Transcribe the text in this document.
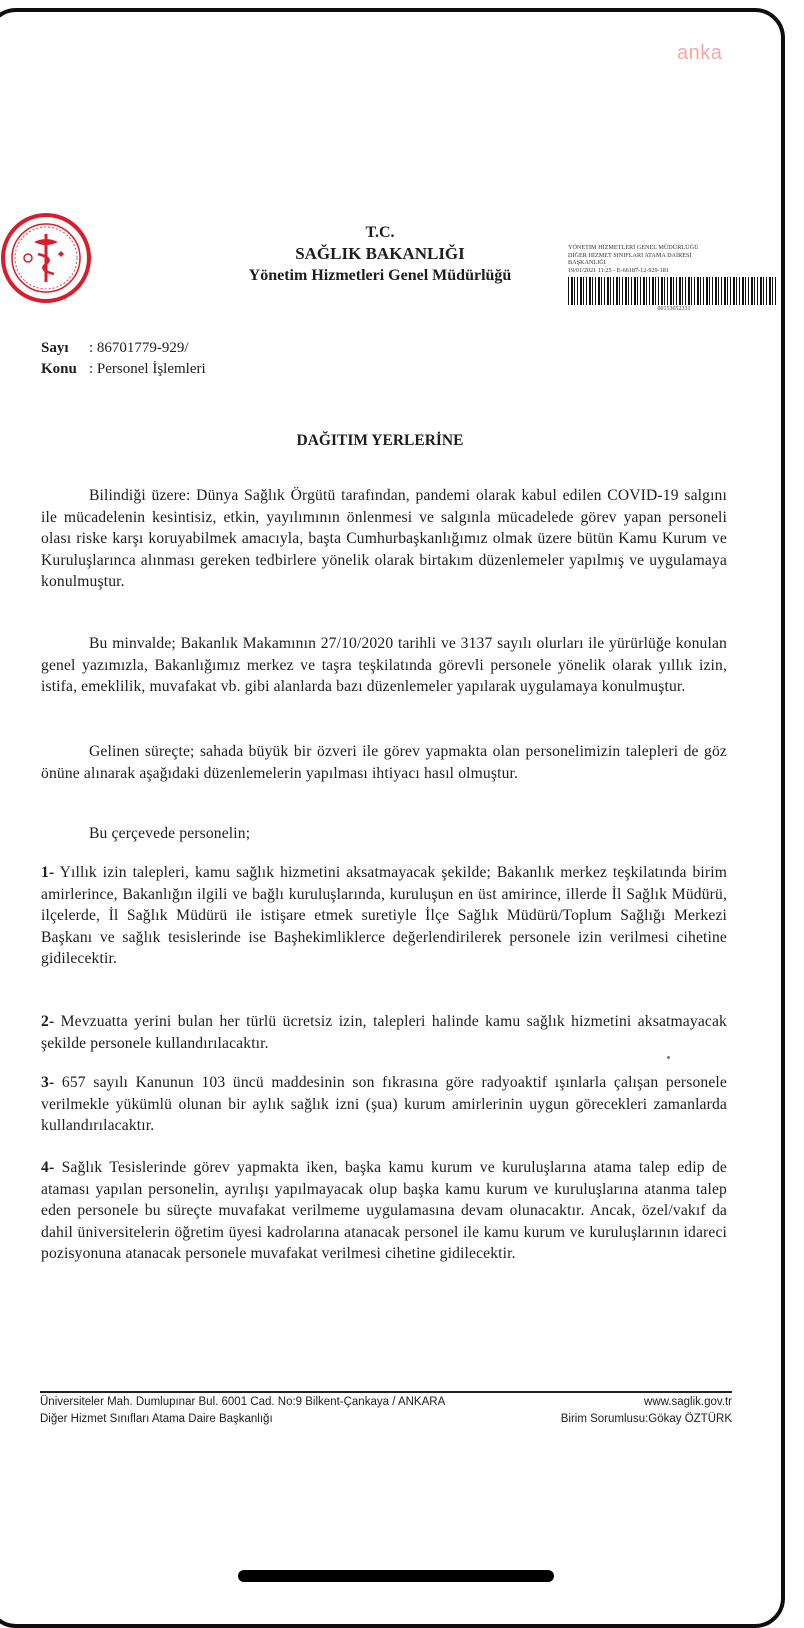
anka
T.C.
SAĞLIK BAKANLIĞI
Yönetim Hizmetleri Genel Müdürlüğü
YÖNETİM HİZMETLERİ GENEL MÜDÜRLÜĞÜ
DİĞER HİZMET SINIFLARI ATAMA DAİRESİ
BAŞKANLIĞI
19/01/2021 11:25 - E-66187-12-929-181
00153052331
Sayı : 86701779-929/
Konu : Personel İşlemleri
DAĞITIM YERLERİNE
Bilindiği üzere: Dünya Sağlık Örgütü tarafından, pandemi olarak kabul edilen COVID-19 salgını ile mücadelenin kesintisiz, etkin, yayılımının önlenmesi ve salgınla mücadelede görev yapan personeli olası riske karşı koruyabilmek amacıyla, başta Cumhurbaşkanlığımız olmak üzere bütün Kamu Kurum ve Kuruluşlarınca alınması gereken tedbirlere yönelik olarak birtakım düzenlemeler yapılmış ve uygulamaya konulmuştur.
Bu minvalde; Bakanlık Makamının 27/10/2020 tarihli ve 3137 sayılı olurları ile yürürlüğe konulan genel yazımızla, Bakanlığımız merkez ve taşra teşkilatında görevli personele yönelik olarak yıllık izin, istifa, emeklilik, muvafakat vb. gibi alanlarda bazı düzenlemeler yapılarak uygulamaya konulmuştur.
Gelinen süreçte; sahada büyük bir özveri ile görev yapmakta olan personelimizin talepleri de göz önüne alınarak aşağıdaki düzenlemelerin yapılması ihtiyacı hasıl olmuştur.
Bu çerçevede personelin;
1- Yıllık izin talepleri, kamu sağlık hizmetini aksatmayacak şekilde; Bakanlık merkez teşkilatında birim amirlerince, Bakanlığın ilgili ve bağlı kuruluşlarında, kuruluşun en üst amirince, illerde İl Sağlık Müdürü, ilçelerde, İl Sağlık Müdürü ile istişare etmek suretiyle İlçe Sağlık Müdürü/Toplum Sağlığı Merkezi Başkanı ve sağlık tesislerinde ise Başhekimliklerce değerlendirilerek personele izin verilmesi cihetine gidilecektir.
2- Mevzuatta yerini bulan her türlü ücretsiz izin, talepleri halinde kamu sağlık hizmetini aksatmayacak şekilde personele kullandırılacaktır.
3- 657 sayılı Kanunun 103 üncü maddesinin son fıkrasına göre radyoaktif ışınlarla çalışan personele verilmekle yükümlü olunan bir aylık sağlık izni (şua) kurum amirlerinin uygun görecekleri zamanlarda kullandırılacaktır.
4- Sağlık Tesislerinde görev yapmakta iken, başka kamu kurum ve kuruluşlarına atama talep edip de ataması yapılan personelin, ayrılışı yapılmayacak olup başka kamu kurum ve kuruluşlarına atanma talep eden personele bu süreçte muvafakat verilmeme uygulamasına devam olunacaktır. Ancak, özel/vakıf da dahil üniversitelerin öğretim üyesi kadrolarına atanacak personel ile kamu kurum ve kuruluşlarının idareci pozisyonuna atanacak personele muvafakat verilmesi cihetine gidilecektir.
Üniversiteler Mah. Dumlupınar Bul. 6001 Cad. No:9 Bilkent-Çankaya / ANKARA	www.saglik.gov.tr
Diğer Hizmet Sınıfları Atama Daire Başkanlığı	Birim Sorumlusu:Gökay ÖZTÜRK
